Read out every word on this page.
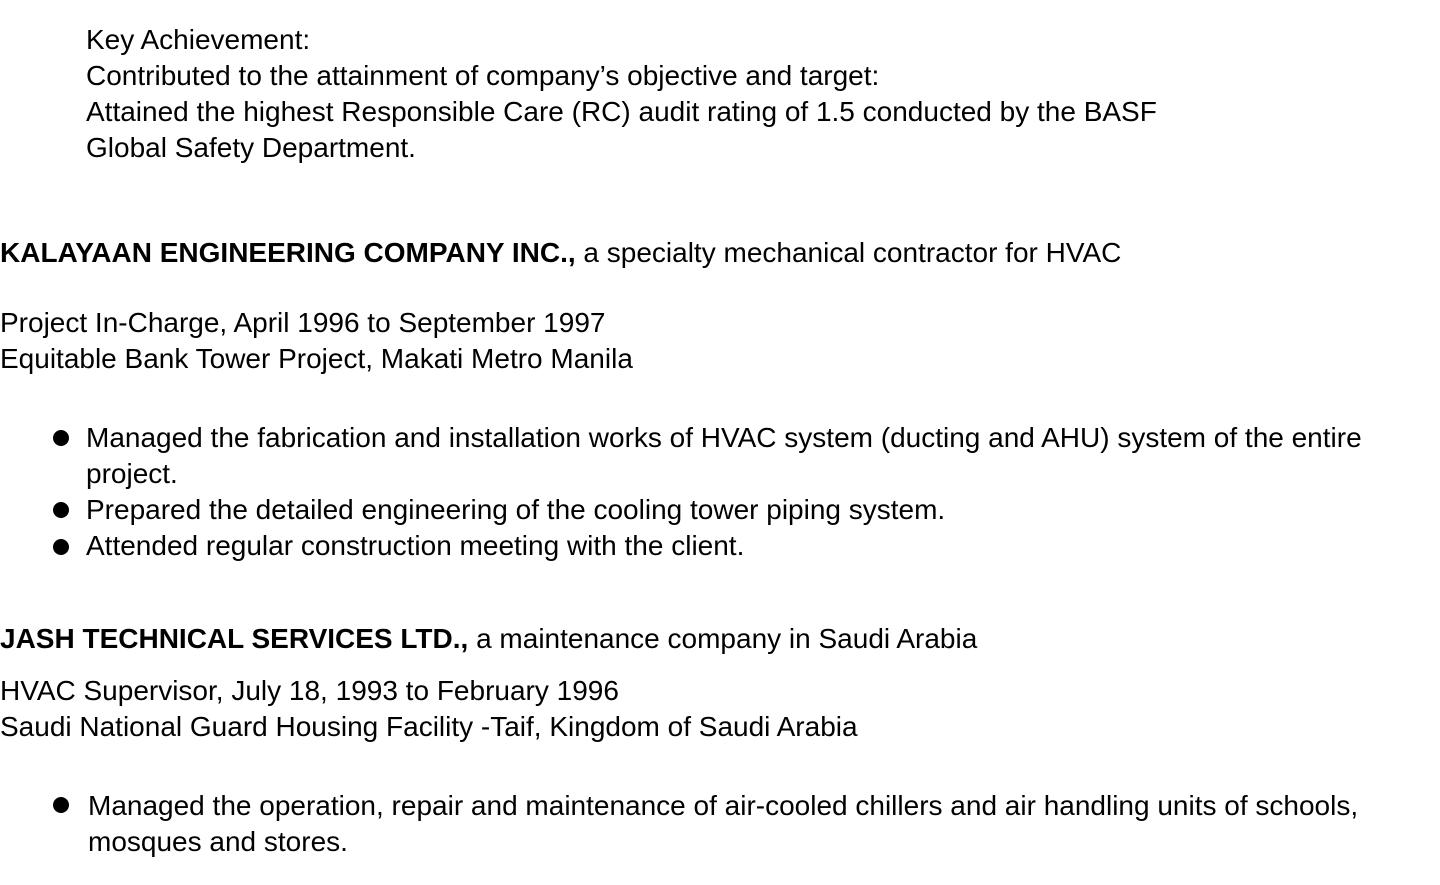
Key Achievement:

Contributed to the attainment of company’s objective and target:

Attained the highest Responsible Care (RC) audit rating of 1.5 conducted by the BASF

Global Safety Department.

KALAYAAN ENGINEERING COMPANY INC., a specialty mechanical contractor for HVAC

Project In-Charge, April 1996 to September 1997

Equitable Bank Tower Project, Makati Metro Manila

Managed the fabrication and installation works of HVAC system (ducting and AHU) system of the entire project.

Prepared the detailed engineering of the cooling tower piping system.

Attended regular construction meeting with the client.

JASH TECHNICAL SERVICES LTD., a maintenance company in Saudi Arabia

HVAC Supervisor, July 18, 1993 to February 1996

Saudi National Guard Housing Facility -Taif, Kingdom of Saudi Arabia

Managed the operation, repair and maintenance of air-cooled chillers and air handling units of schools, mosques and stores.
